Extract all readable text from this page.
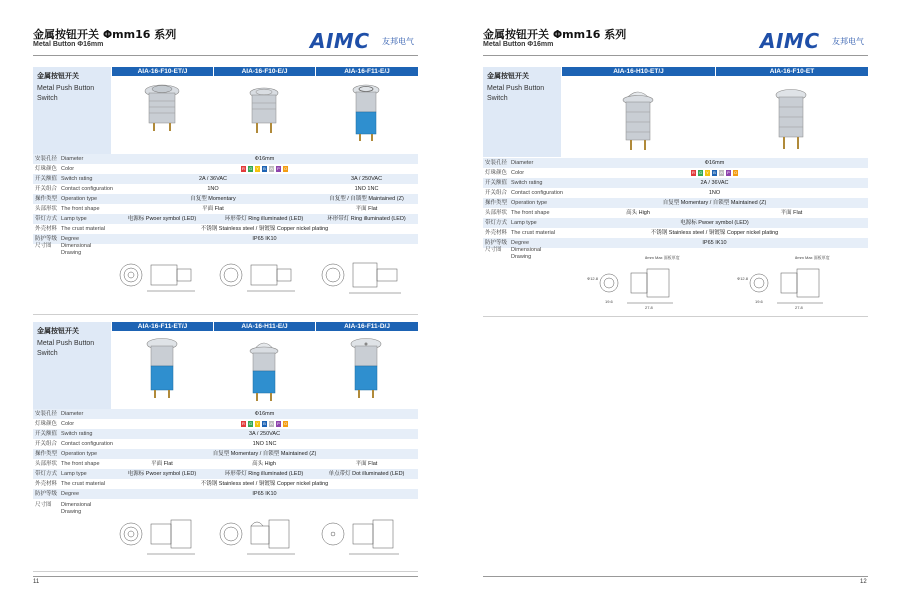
金属按钮开关 Φmm16 系列
Metal Button Φ16mm	AIMC 友邦电气
金属按钮开关
Metal Push Button
Switch
AIA-16-F10-ET/J	AIA-16-F10-E/J	AIA-16-F11-E/J
安装孔径 Diameter	Φ16mm
灯珠颜色 Color	R G Y B W P O
开关额值 Switch rating	2A / 36VAC	3A / 250VAC
开关组合 Contact configuration	1NO	1NO 1NC
操作类型 Operation type	自复型 Momentary	自复型 / 自锁型 Maintained (Z)
头部形状 The front shape	平面 Flat	平面 Flat
带灯方式 Lamp type	电源标 Pwoer symbol (LED)	环形带灯 Ring illuminated (LED)	环形带灯 Ring illuminated (LED)
外壳材料 The crust material	不锈钢 Stainless steel / 铜镀镍 Copper nickel plating
防护等级 Degree	IP65 IK10
尺寸图 Dimensional
Drawing
金属按钮开关
Metal Push Button
Switch
AIA-16-F11-ET/J	AIA-16-H11-E/J	AIA-16-F11-D/J
安装孔径 Diameter	Φ16mm
灯珠颜色 Color	R G Y B W P O
开关额值 Switch rating	3A / 250VAC
开关组合 Contact configuration	1NO 1NC
操作类型 Operation type	自复型 Momentary / 自锁型 Maintained (Z)
头部形状 The front shape	平面 Flat	高头 High	平面 Flat
带灯方式 Lamp type	电源标 Pwoer symbol (LED)	环形带灯 Ring illuminated (LED)	单点带灯 Dot illuminated (LED)
外壳材料 The crust material	不锈钢 Stainless steel / 铜镀镍 Copper nickel plating
防护等级 Degree	IP65 IK10
尺寸图 Dimensional
Drawing
11
金属按钮开关 Φmm16 系列
Metal Button Φ16mm	AIMC 友邦电气
金属按钮开关
Metal Push Button
Switch
AIA-16-H10-ET/J	AIA-16-F10-ET
安装孔径 Diameter	Φ16mm
灯珠颜色 Color	R G Y B W P O
开关额值 Switch rating	2A / 36VAC
开关组合 Contact configuration	1NO
操作类型 Operation type	自复型 Momentary / 自锁型 Maintained (Z)
头部形状 The front shape	高头 High	平面 Flat
带灯方式 Lamp type	电源标 Pwoer symbol (LED)
外壳材料 The crust material	不锈钢 Stainless steel / 铜镀镍 Copper nickel plating
防护等级 Degree	IP65 IK10
尺寸图 Dimensional
Drawing
Φ12.8
8mm Max 面板厚度
19.6
27.8
Φ12.8
8mm Max 面板厚度
19.6
27.8
12
